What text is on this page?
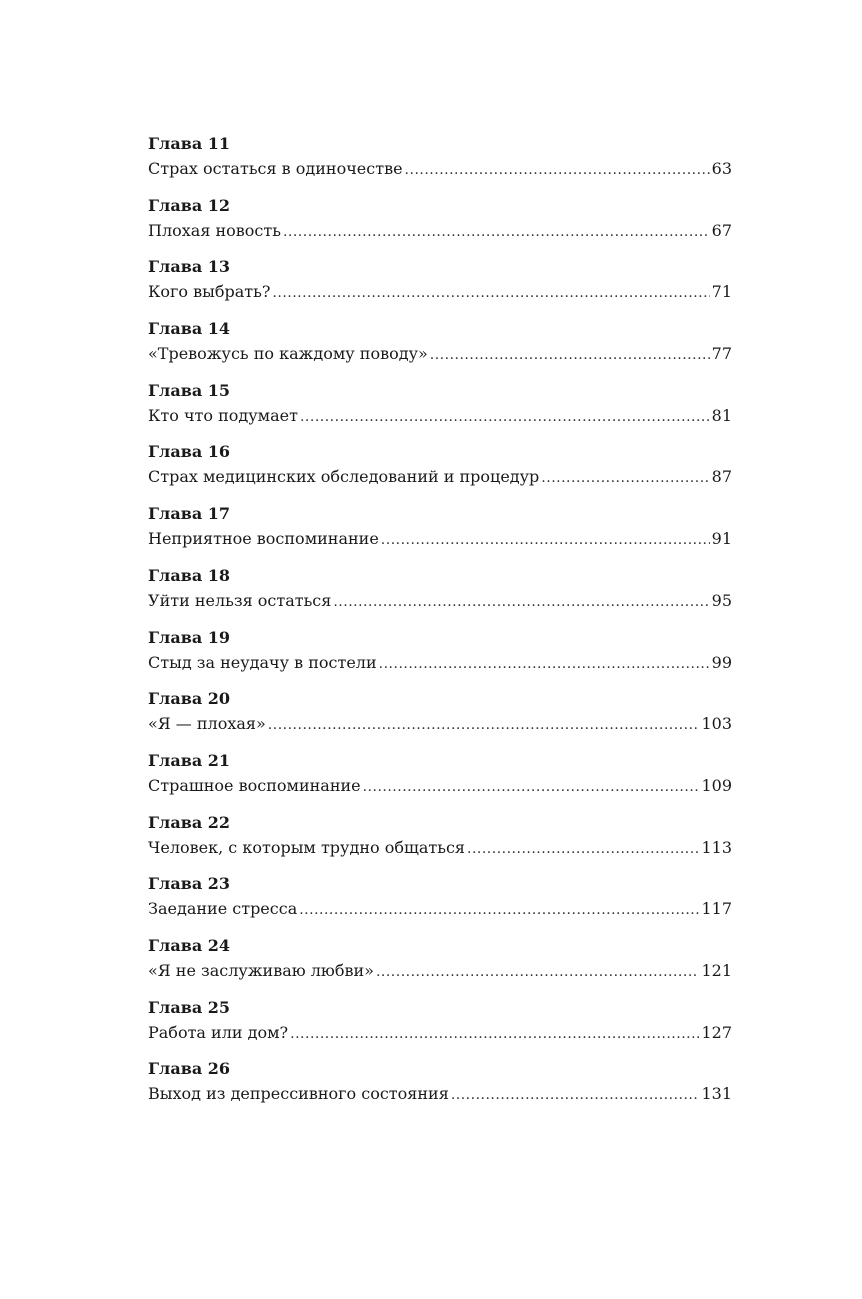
Глава 11
Страх остаться в одиночестве .....	63
Глава 12
Плохая новость .....	67
Глава 13
Кого выбрать? .....	71
Глава 14
«Тревожусь по каждому поводу» .....	77
Глава 15
Кто что подумает .....	81
Глава 16
Страх медицинских обследований и процедур .....	87
Глава 17
Неприятное воспоминание .....	91
Глава 18
Уйти нельзя остаться .....	95
Глава 19
Стыд за неудачу в постели .....	99
Глава 20
«Я — плохая» .....	103
Глава 21
Страшное воспоминание .....	109
Глава 22
Человек, с которым трудно общаться .....	113
Глава 23
Заедание стресса .....	117
Глава 24
«Я не заслуживаю любви» .....	121
Глава 25
Работа или дом? .....	127
Глава 26
Выход из депрессивного состояния .....	131
